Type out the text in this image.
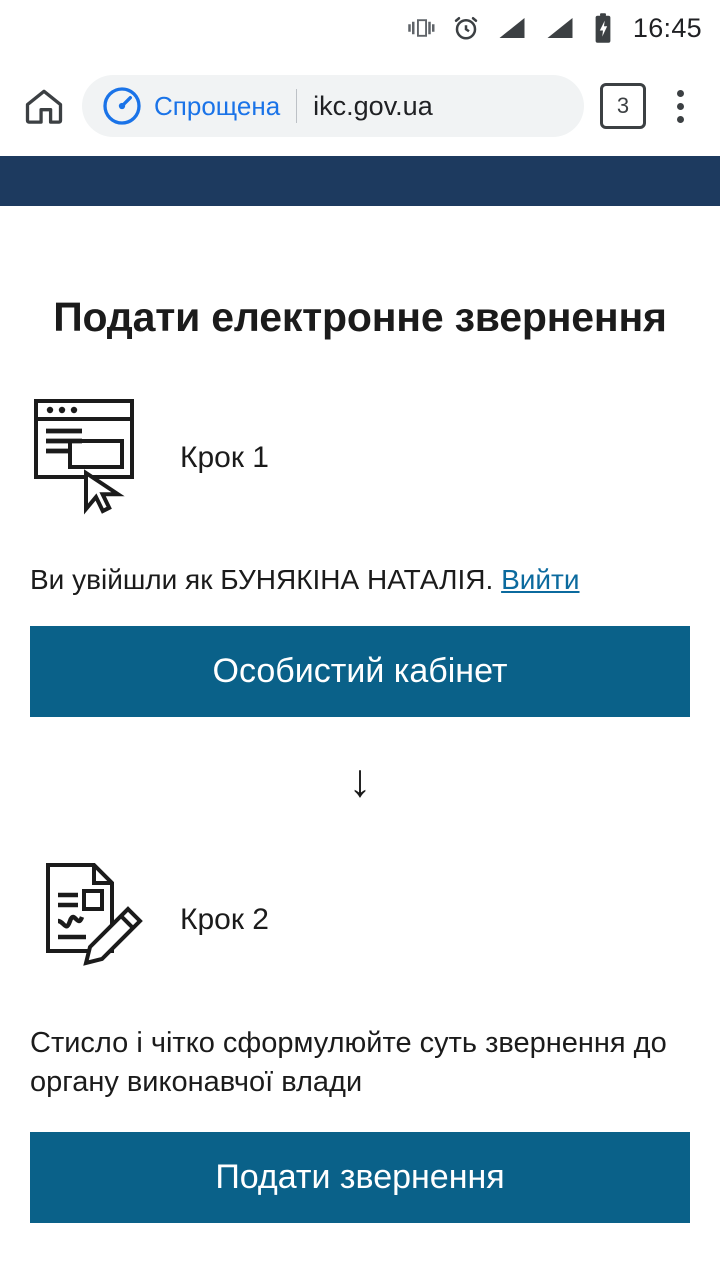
16:45
Спрощена ikc.gov.ua	3
Подати електронне звернення
Крок 1
Ви увійшли як БУНЯКІНА НАТАЛІЯ. Вийти
Особистий кабінет
↓
Крок 2
Стисло і чітко сформулюйте суть звернення до органу виконавчої влади
Подати звернення
